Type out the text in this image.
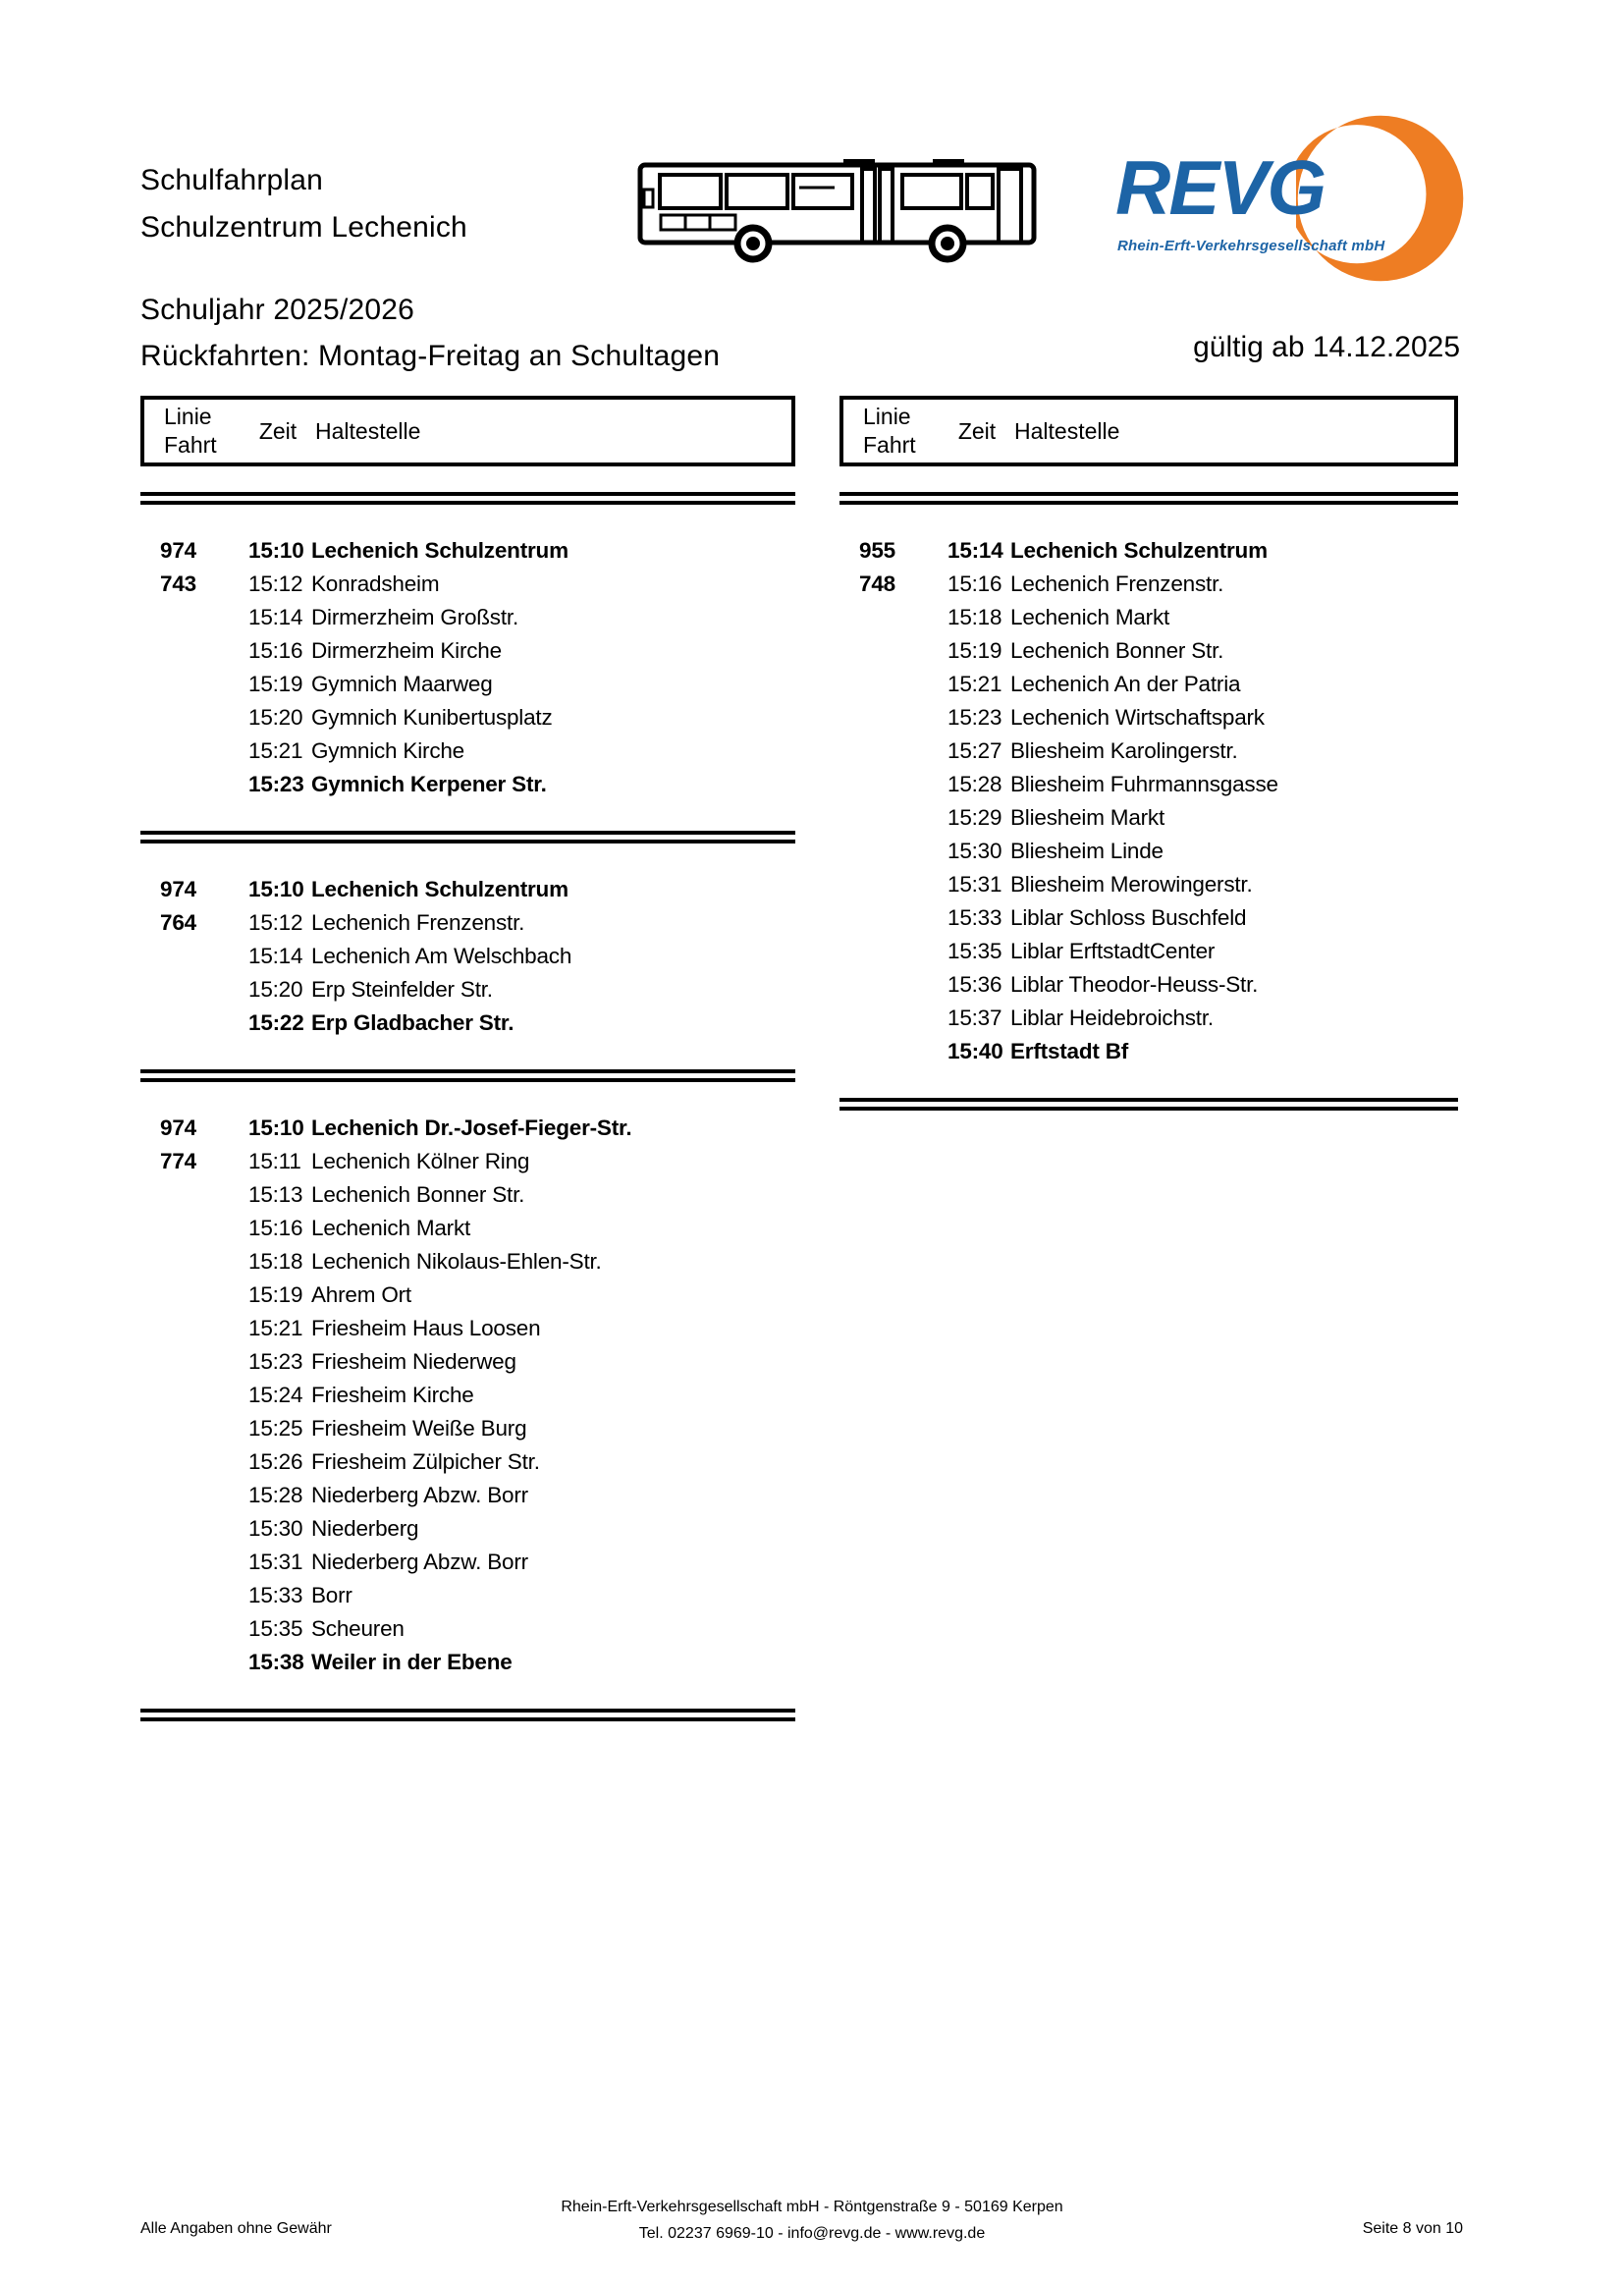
Schulfahrplan
Schulzentrum Lechenich
Schuljahr 2025/2026
Rückfahrten: Montag-Freitag an Schultagen	gültig ab 14.12.2025
REVG
Rhein-Erft-Verkehrsgesellschaft mbH
Linie
Fahrt
Zeit Haltestelle
974	15:10 Lechenich Schulzentrum
743	15:12 Konradsheim
15:14 Dirmerzheim Großstr.
15:16 Dirmerzheim Kirche
15:19 Gymnich Maarweg
15:20 Gymnich Kunibertusplatz
15:21 Gymnich Kirche
15:23 Gymnich Kerpener Str.
974	15:10 Lechenich Schulzentrum
764	15:12 Lechenich Frenzenstr.
15:14 Lechenich Am Welschbach
15:20 Erp Steinfelder Str.
15:22 Erp Gladbacher Str.
974	15:10 Lechenich Dr.-Josef-Fieger-Str.
774	15:11 Lechenich Kölner Ring
15:13 Lechenich Bonner Str.
15:16 Lechenich Markt
15:18 Lechenich Nikolaus-Ehlen-Str.
15:19 Ahrem Ort
15:21 Friesheim Haus Loosen
15:23 Friesheim Niederweg
15:24 Friesheim Kirche
15:25 Friesheim Weiße Burg
15:26 Friesheim Zülpicher Str.
15:28 Niederberg Abzw. Borr
15:30 Niederberg
15:31 Niederberg Abzw. Borr
15:33 Borr
15:35 Scheuren
15:38 Weiler in der Ebene
Linie
Fahrt
Zeit Haltestelle
955	15:14 Lechenich Schulzentrum
748	15:16 Lechenich Frenzenstr.
15:18 Lechenich Markt
15:19 Lechenich Bonner Str.
15:21 Lechenich An der Patria
15:23 Lechenich Wirtschaftspark
15:27 Bliesheim Karolingerstr.
15:28 Bliesheim Fuhrmannsgasse
15:29 Bliesheim Markt
15:30 Bliesheim Linde
15:31 Bliesheim Merowingerstr.
15:33 Liblar Schloss Buschfeld
15:35 Liblar ErftstadtCenter
15:36 Liblar Theodor-Heuss-Str.
15:37 Liblar Heidebroichstr.
15:40 Erftstadt Bf
Rhein-Erft-Verkehrsgesellschaft mbH - Röntgenstraße 9 - 50169 Kerpen
Tel. 02237 6969-10 - info@revg.de - www.revg.de
Alle Angaben ohne Gewähr	Seite 8 von 10
